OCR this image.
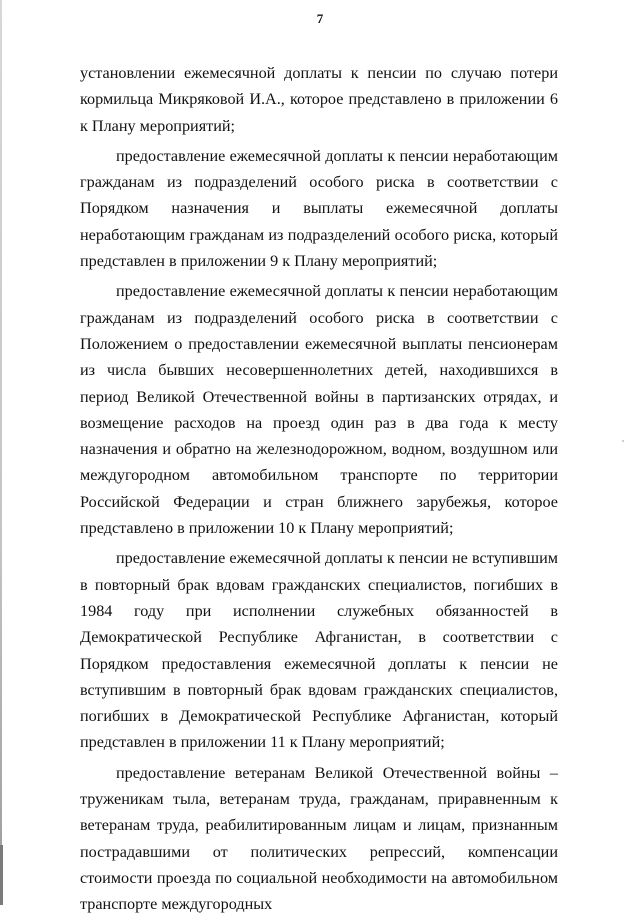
7

установлении ежемесячной доплаты к пенсии по случаю потери кормильца Микряковой И.А., которое представлено в приложении 6 к Плану мероприятий;

предоставление ежемесячной доплаты к пенсии неработающим гражданам из подразделений особого риска в соответствии с Порядком назначения и выплаты ежемесячной доплаты неработающим гражданам из подразделений особого риска, который представлен в приложении 9 к Плану мероприятий;

предоставление ежемесячной доплаты к пенсии неработающим гражданам из подразделений особого риска в соответствии с Положением о предоставлении ежемесячной выплаты пенсионерам из числа бывших несовершеннолетних детей, находившихся в период Великой Отечественной войны в партизанских отрядах, и возмещение расходов на проезд один раз в два года к месту назначения и обратно на железнодорожном, водном, воздушном или междугородном автомобильном транспорте по территории Российской Федерации и стран ближнего зарубежья, которое представлено в приложении 10 к Плану мероприятий;

предоставление ежемесячной доплаты к пенсии не вступившим в повторный брак вдовам гражданских специалистов, погибших в 1984 году при исполнении служебных обязанностей в Демократической Республике Афганистан, в соответствии с Порядком предоставления ежемесячной доплаты к пенсии не вступившим в повторный брак вдовам гражданских специалистов, погибших в Демократической Республике Афганистан, который представлен в приложении 11 к Плану мероприятий;

предоставление ветеранам Великой Отечественной войны – труженикам тыла, ветеранам труда, гражданам, приравненным к ветеранам труда, реабилитированным лицам и лицам, признанным пострадавшими от политических репрессий, компенсации стоимости проезда по социальной необходимости на автомобильном транспорте междугородных
